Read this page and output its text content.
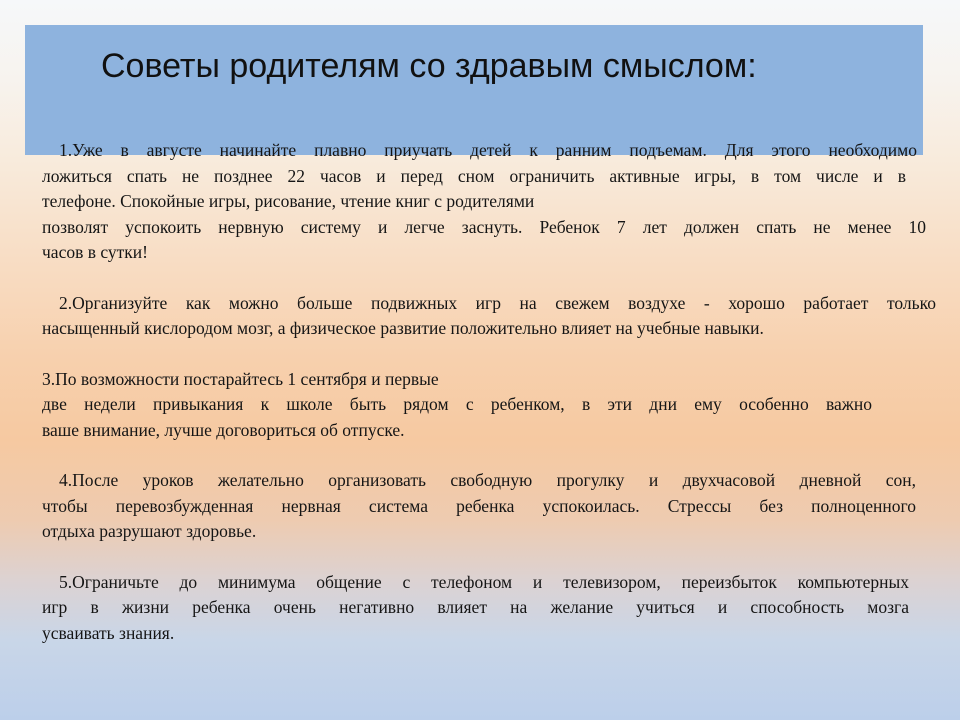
Советы родителям со здравым смыслом:
1.Уже в августе начинайте плавно приучать детей к ранним подъемам. Для этого необходимо
ложиться спать не позднее 22 часов и перед сном ограничить активные игры, в том числе и в
телефоне. Спокойные игры, рисование, чтение книг с родителями
позволят успокоить нервную систему и легче заснуть. Ребенок 7 лет должен спать не менее 10
часов в сутки!
2.Организуйте как можно больше подвижных игр на свежем воздухе - хорошо работает только
насыщенный кислородом мозг, а физическое развитие положительно влияет на учебные навыки.
3.По возможности постарайтесь 1 сентября и первые
две недели привыкания к школе быть рядом с ребенком, в эти дни ему особенно важно
ваше внимание, лучше договориться об отпуске.
4.После уроков желательно организовать свободную прогулку и двухчасовой дневной сон,
чтобы перевозбужденная нервная система ребенка успокоилась. Стрессы без полноценного
отдыха разрушают здоровье.
5.Ограничьте до минимума общение с телефоном и телевизором, переизбыток компьютерных
игр в жизни ребенка очень негативно влияет на желание учиться и способность мозга
усваивать знания.
